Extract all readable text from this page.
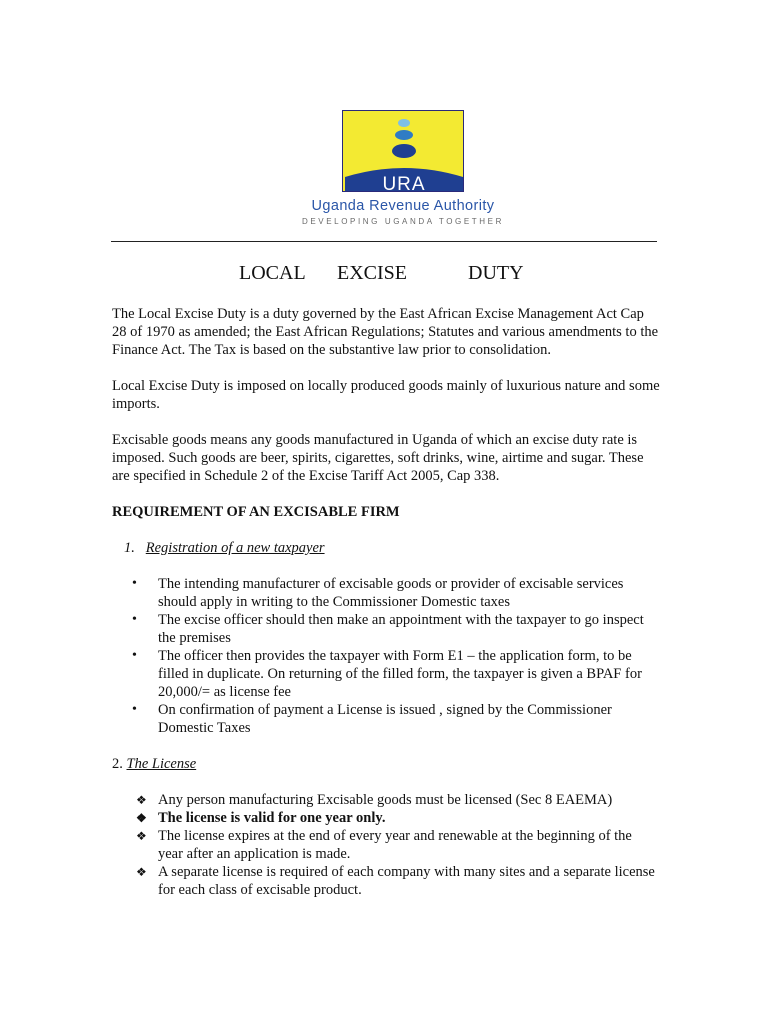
URA
Uganda Revenue Authority
DEVELOPING UGANDA TOGETHER
LOCAL EXCISE	DUTY

The Local Excise Duty is a duty governed by the East African Excise Management Act Cap 28 of 1970 as amended; the East African Regulations; Statutes and various amendments to the Finance Act. The Tax is based on the substantive law prior to consolidation.

Local Excise Duty is imposed on locally produced goods mainly of luxurious nature and some imports.

Excisable goods means any goods manufactured in Uganda of which an excise duty rate is imposed. Such goods are beer, spirits, cigarettes, soft drinks, wine, airtime and sugar. These are specified in Schedule 2 of the Excise Tariff Act 2005, Cap 338.

REQUIREMENT OF AN EXCISABLE FIRM
1. Registration of a new taxpayer
• The intending manufacturer of excisable goods or provider of excisable services should apply in writing to the Commissioner Domestic taxes
• The excise officer should then make an appointment with the taxpayer to go inspect the premises
• The officer then provides the taxpayer with Form E1 – the application form, to be filled in duplicate. On returning of the filled form, the taxpayer is given a BPAF for 20,000/= as license fee
• On confirmation of payment a License is issued , signed by the Commissioner Domestic Taxes
2. The License
❖ Any person manufacturing Excisable goods must be licensed (Sec 8 EAEMA)
❖ The license is valid for one year only.
❖ The license expires at the end of every year and renewable at the beginning of the year after an application is made.
❖ A separate license is required of each company with many sites and a separate license for each class of excisable product.
